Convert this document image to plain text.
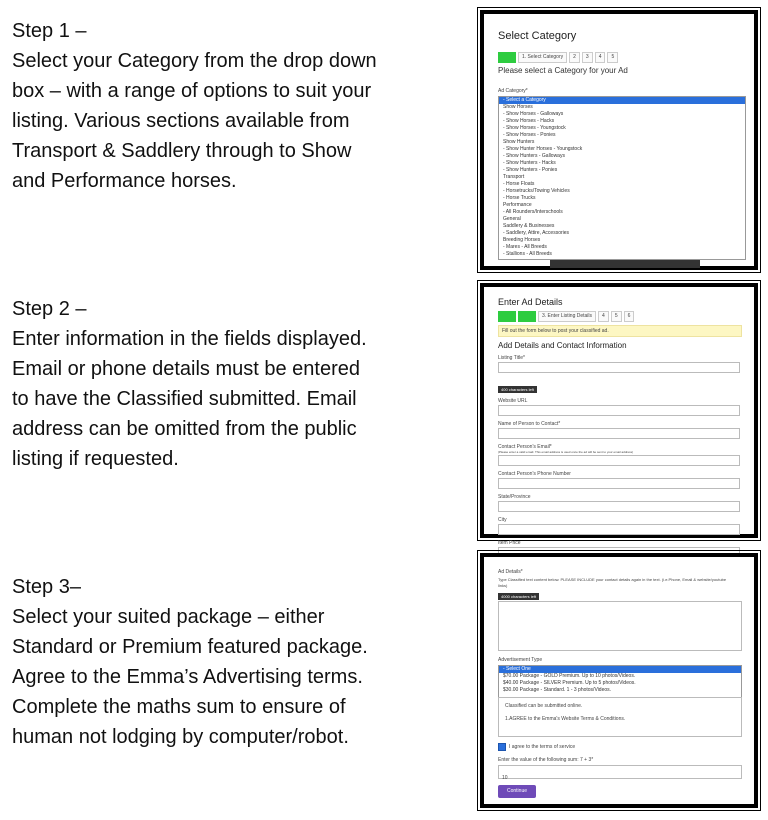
Step 1 –

Select your Category from the drop down

box – with a range of options to suit your

listing. Various sections available from

Transport & Saddlery through to Show

and Performance horses.

Step 2 –

Enter information in the fields displayed.

Email or phone details must be entered

to have the Classified submitted. Email

address can be omitted from the public

listing if requested.

Step 3–

Select your suited package – either

Standard or Premium featured package.

Agree to the Emma’s Advertising terms.

Complete the maths sum to ensure of

human not lodging by computer/robot.

Select Category
1. Select Category	2	3	4	5
Please select a Category for your Ad
Ad Category*
- Select a Category
Show Horses
- Show Horses - Galloways
- Show Horses - Hacks
- Show Horses - Youngstock
- Show Horses - Ponies
Show Hunters
- Show Hunter Horses - Youngstock
- Show Hunters - Galloways
- Show Hunters - Hacks
- Show Hunters - Ponies
Transport
- Horse Floats
- Horsetrucks/Towing Vehicles
- Horse Trucks
Performance
- All Rounders/Interschools
General
Saddlery & Businesses
- Saddlery, Attire, Accessories
Breeding Horses
- Mares - All Breeds
- Stallions - All Breeds
Enter Ad Details
3. Enter Listing Details	4	5	6
Fill out the form below to post your classified ad.
Add Details and Contact Information
Listing Title*
400 characters left
Website URL
Name of Person to Contact*
Contact Person's Email*
(Please enter a valid email. This email address is used once the ad will be sent to your email address)
Contact Person's Phone Number
State/Province
City
Item Price
Ad Details*
Type Classified text content below. PLEASE INCLUDE your contact details again in the text. (i.e.Phone, Email & website/youtube links)
4000 characters left
Advertisement Type
- Select One
$70.00 Package - GOLD Premium. Up to 10 photos/Videos.
$40.00 Package - SILVER Premium. Up to 5 photos/Videos.
$30.00 Package - Standard. 1 - 3 photos/Videos.
Classified can be submitted online.
1.AGREE to the Emma's Website Terms & Conditions.
I agree to the terms of service
Enter the value of the following sum: 7 + 3*
10
Continue
